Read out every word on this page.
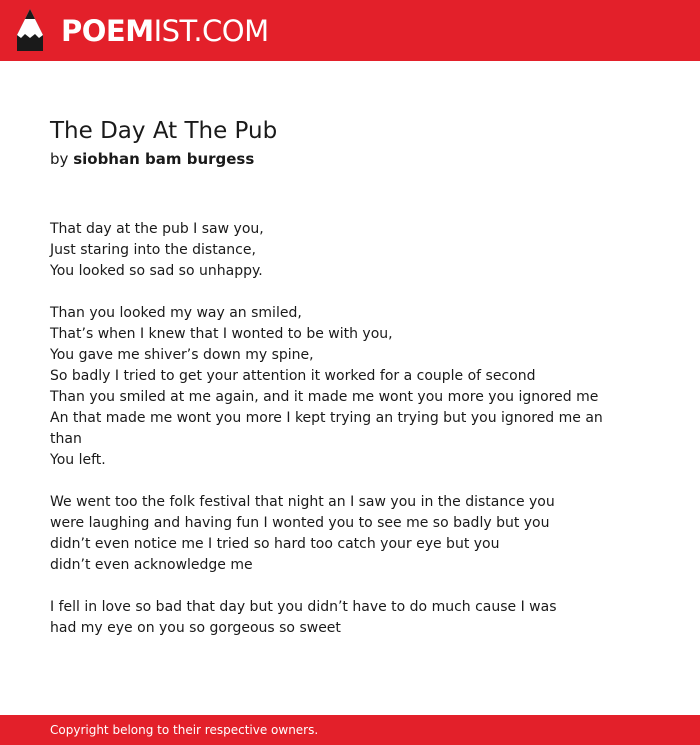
POEMIST.COM
The Day At The Pub
by siobhan bam burgess
That day at the pub I saw you,
Just staring into the distance,
You looked so sad so unhappy.
Than you looked my way an smiled,
That’s when I knew that I wonted to be with you,
You gave me shiver’s down my spine,
So badly I tried to get your attention it worked for a couple of second
Than you smiled at me again, and it made me wont you more you ignored me
An that made me wont you more I kept trying an trying but you ignored me an
than
You left.
We went too the folk festival that night an I saw you in the distance you
were laughing and having fun I wonted you to see me so badly but you
didn’t even notice me I tried so hard too catch your eye but you
didn’t even acknowledge me
I fell in love so bad that day but you didn’t have to do much cause I was
had my eye on you so gorgeous so sweet
Copyright belong to their respective owners.
